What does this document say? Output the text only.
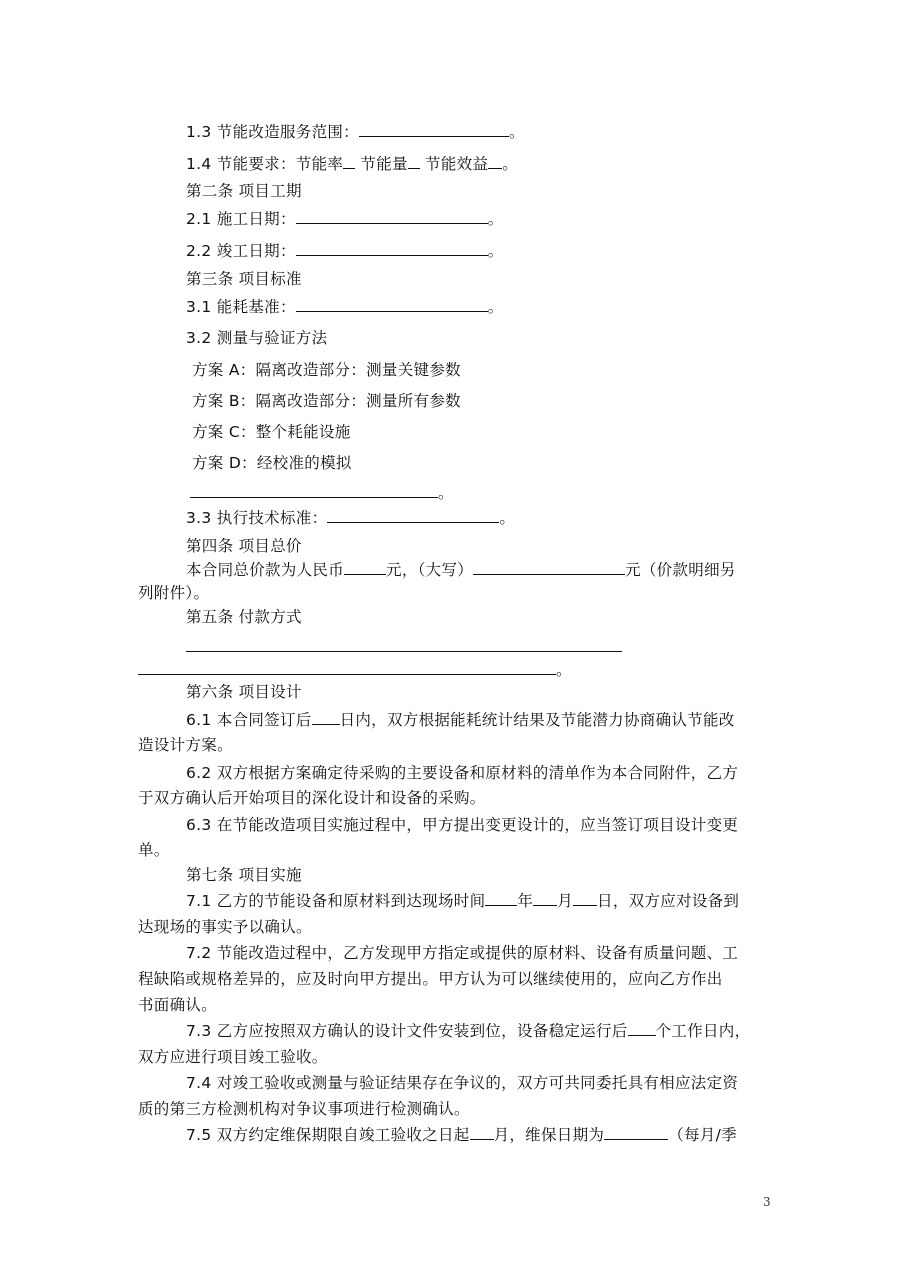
1.3 节能改造服务范围：	。
1.4 节能要求：节能率 节能量 节能效益 。
第二条 项目工期
2.1 施工日期：	。
2.2 竣工日期：	。
第三条 项目标准
3.1 能耗基准：	。
3.2 测量与验证方法
方案 A：隔离改造部分：测量关键参数
方案 B：隔离改造部分：测量所有参数
方案 C：整个耗能设施
方案 D：经校准的模拟
。
3.3 执行技术标准：	。
第四条 项目总价
本合同总价款为人民币	元，（大写）	元（价款明细另
列附件）。
第五条 付款方式
。
第六条 项目设计
6.1 本合同签订后 日内，双方根据能耗统计结果及节能潜力协商确认节能改
造设计方案。
6.2 双方根据方案确定待采购的主要设备和原材料的清单作为本合同附件，乙方
于双方确认后开始项目的深化设计和设备的采购。
6.3 在节能改造项目实施过程中，甲方提出变更设计的，应当签订项目设计变更
单。
第七条 项目实施
7.1 乙方的节能设备和原材料到达现场时间 年 月 日，双方应对设备到
达现场的事实予以确认。
7.2 节能改造过程中，乙方发现甲方指定或提供的原材料、设备有质量问题、工
程缺陷或规格差异的，应及时向甲方提出。甲方认为可以继续使用的，应向乙方作出
书面确认。
7.3 乙方应按照双方确认的设计文件安装到位，设备稳定运行后 个工作日内，
双方应进行项目竣工验收。
7.4 对竣工验收或测量与验证结果存在争议的，双方可共同委托具有相应法定资
质的第三方检测机构对争议事项进行检测确认。
7.5 双方约定维保期限自竣工验收之日起 月，维保日期为	（每月/季
3
